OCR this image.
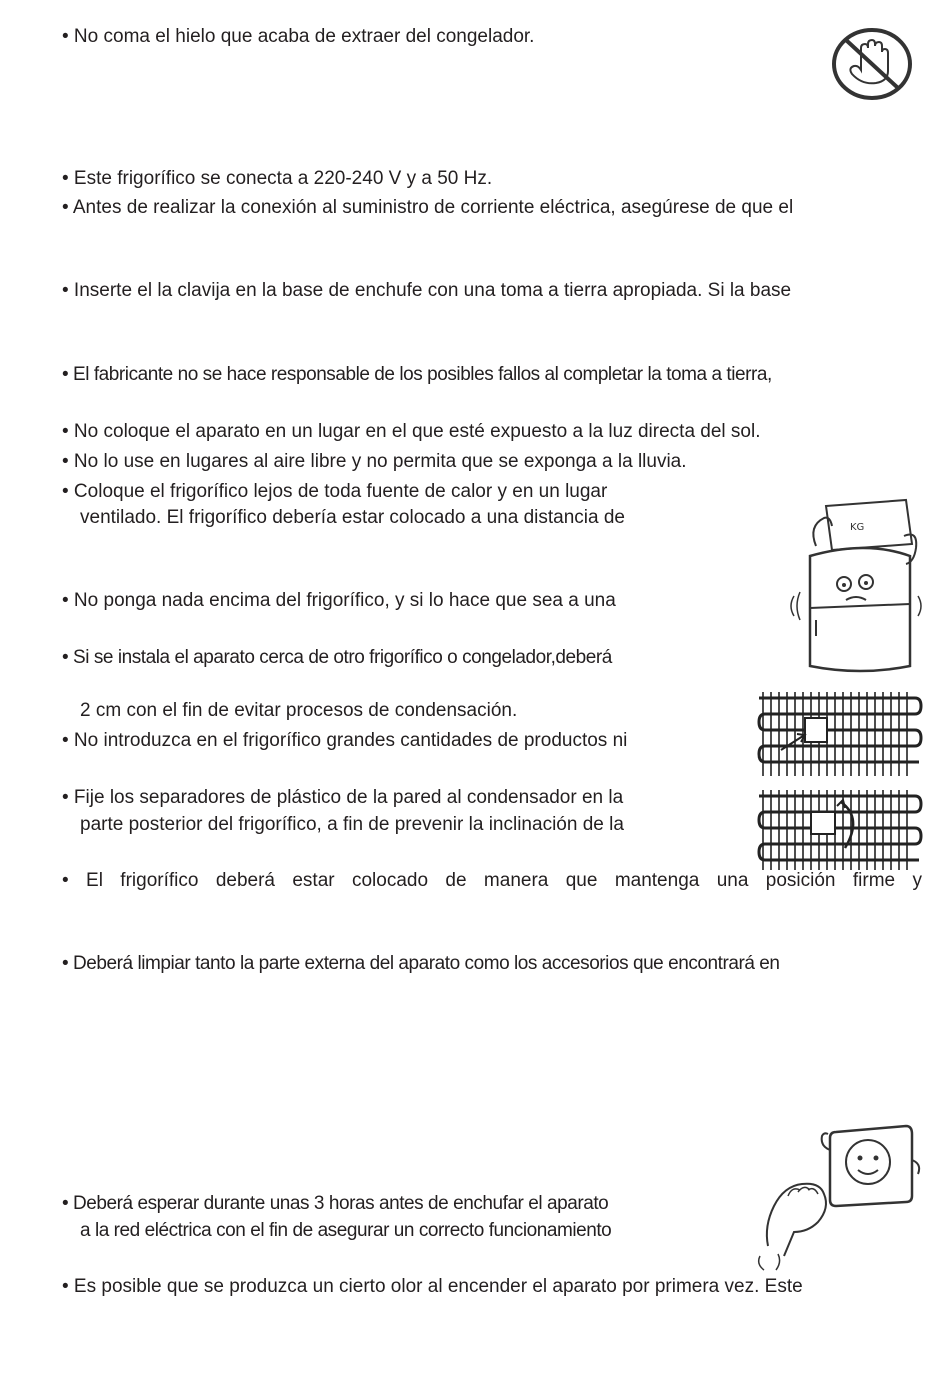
• No coma el hielo que acaba de extraer del congelador.
• Este frigorífico se conecta a 220-240 V y a 50 Hz.
• Antes de realizar la conexión al suministro de corriente eléctrica, asegúrese de que el
• Inserte el la clavija en la base de enchufe con una toma a tierra apropiada. Si la base
• El fabricante no se hace responsable de los posibles fallos al completar la toma a tierra,
• No coloque el aparato en un lugar en el que esté expuesto a la luz directa del sol.
• No lo use en lugares al aire libre y no permita que se exponga a la lluvia.
• Coloque el frigorífico lejos de toda fuente de calor y en un lugar
ventilado. El frigorífico debería estar colocado a una distancia de
• No ponga nada encima del frigorífico, y si lo hace que sea a una
• Si se instala el aparato cerca de otro frigorífico o congelador,deberá
2 cm con el fin de evitar procesos de condensación.
• No introduzca en el frigorífico grandes cantidades de productos ni
• Fije los separadores de plástico de la pared al condensador en la
parte posterior del frigorífico, a fin de prevenir la inclinación de la
• El frigorífico deberá estar colocado de manera que mantenga una posición firme y
• Deberá limpiar tanto la parte externa del aparato como los accesorios que encontrará en
• Deberá esperar durante unas 3 horas antes de enchufar el aparato
a la red eléctrica con el fin de asegurar un correcto funcionamiento
• Es posible que se produzca un cierto olor al encender el aparato por primera vez. Este
KG
